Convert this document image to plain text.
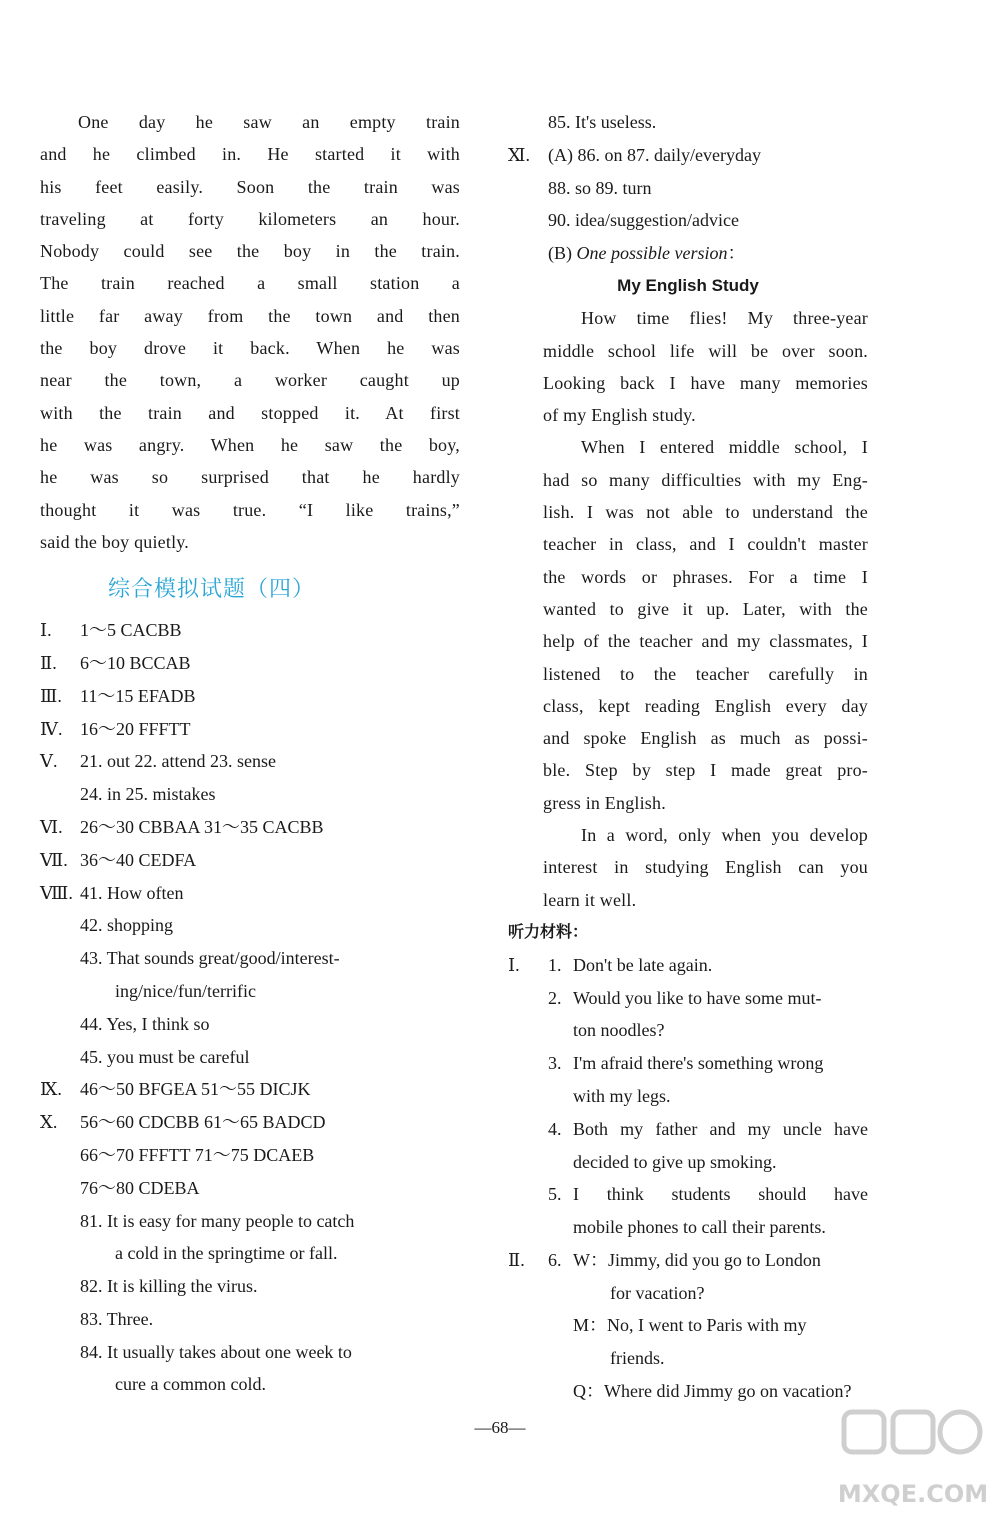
One day he saw an empty train
and he climbed in. He started it with
his feet easily. Soon the train was
traveling at forty kilometers an hour.
Nobody could see the boy in the train.
The train reached a small station a
little far away from the town and then
the boy drove it back. When he was
near the town, a worker caught up
with the train and stopped it. At first
he was angry. When he saw the boy,
he was so surprised that he hardly
thought it was true. “I like trains,”
said the boy quietly.
综合模拟试题（四）
Ⅰ. 1～5 CACBB
Ⅱ. 6～10 BCCAB
Ⅲ. 11～15 EFADB
Ⅳ. 16～20 FFFTT
Ⅴ. 21. out 22. attend 23. sense
24. in 25. mistakes
Ⅵ. 26～30 CBBAA 31～35 CACBB
Ⅶ. 36～40 CEDFA
Ⅷ. 41. How often
42. shopping
43. That sounds great/good/interest-
ing/nice/fun/terrific
44. Yes, I think so
45. you must be careful
Ⅸ. 46～50 BFGEA 51～55 DICJK
Ⅹ. 56～60 CDCBB 61～65 BADCD
66～70 FFFTT 71～75 DCAEB
76～80 CDEBA
81. It is easy for many people to catch
a cold in the springtime or fall.
82. It is killing the virus.
83. Three.
84. It usually takes about one week to
cure a common cold.
85. It's useless.
Ⅺ. (A) 86. on 87. daily/everyday
88. so 89. turn
90. idea/suggestion/advice
(B) One possible version：
My English Study
How time flies! My three-year
middle school life will be over soon.
Looking back I have many memories
of my English study.
When I entered middle school, I
had so many difficulties with my Eng-
lish. I was not able to understand the
teacher in class, and I couldn't master
the words or phrases. For a time I
wanted to give it up. Later, with the
help of the teacher and my classmates, I
listened to the teacher carefully in
class, kept reading English every day
and spoke English as much as possi-
ble. Step by step I made great pro-
gress in English.
In a word, only when you develop
interest in studying English can you
learn it well.
听力材料：
Ⅰ. 1. Don't be late again.
2. Would you like to have some mut-
ton noodles?
3. I'm afraid there's something wrong
with my legs.
4. Both my father and my uncle have
decided to give up smoking.
5. I think students should have
mobile phones to call their parents.
Ⅱ. 6. W：Jimmy, did you go to London
for vacation?
M：No, I went to Paris with my
friends.
Q：Where did Jimmy go on vacation?
—68—
MXQE.COM
